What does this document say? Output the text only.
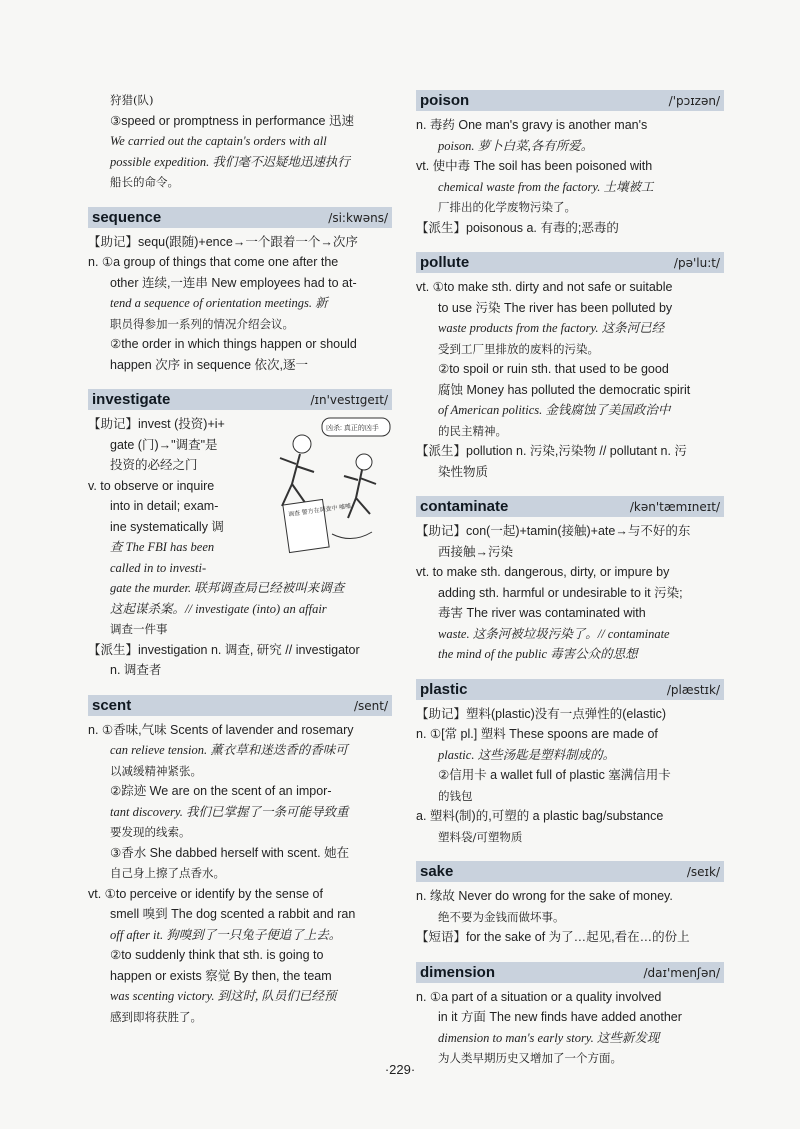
狩猎(队)

③speed or promptness in performance 迅速

We carried out the captain's orders with all

possible expedition. 我们毫不迟疑地迅速执行

船长的命令。

sequence	/si:kwəns/

【助记】sequ(跟随)+ence→一个跟着一个→次序

n. ①a group of things that come one after the

other 连续,一连串 New employees had to at-

tend a sequence of orientation meetings. 新

职员得参加一系列的情况介绍会议。

②the order in which things happen or should

happen 次序 in sequence 依次,逐一

investigate	/ɪn'vestɪgeɪt/

【助记】invest (投资)+i+

gate (门)→"调查"是

投资的必经之门

v. to observe or inquire

into in detail; exam-

ine systematically 调

查 The FBI has been

called in to investi-

凶杀: 真正的凶手
调查 警方在调查中 嘘嘘

gate the murder. 联邦调查局已经被叫来调查

这起谋杀案。// investigate (into) an affair

调查一件事

【派生】investigation n. 调查, 研究 // investigator

n. 调查者

scent	/sent/

n. ①香味,气味 Scents of lavender and rosemary

can relieve tension. 薰衣草和迷迭香的香味可

以减缓精神紧张。

②踪迹 We are on the scent of an impor-

tant discovery. 我们已掌握了一条可能导致重

要发现的线索。

③香水 She dabbed herself with scent. 她在

自己身上擦了点香水。

vt. ①to perceive or identify by the sense of

smell 嗅到 The dog scented a rabbit and ran

off after it. 狗嗅到了一只兔子便追了上去。

②to suddenly think that sth. is going to

happen or exists 察觉 By then, the team

was scenting victory. 到这时, 队员们已经预

感到即将获胜了。

poison	/'pɔɪzən/

n. 毒药 One man's gravy is another man's

poison. 萝卜白菜,各有所爱。

vt. 使中毒 The soil has been poisoned with

chemical waste from the factory. 土壤被工

厂排出的化学废物污染了。

【派生】poisonous a. 有毒的;恶毒的

pollute	/pə'lu:t/

vt. ①to make sth. dirty and not safe or suitable

to use 污染 The river has been polluted by

waste products from the factory. 这条河已经

受到工厂里排放的废料的污染。

②to spoil or ruin sth. that used to be good

腐蚀 Money has polluted the democratic spirit

of American politics. 金钱腐蚀了美国政治中

的民主精神。

【派生】pollution n. 污染,污染物 // pollutant n. 污

染性物质

contaminate	/kən'tæmɪneɪt/

【助记】con(一起)+tamin(接触)+ate→与不好的东

西接触→污染

vt. to make sth. dangerous, dirty, or impure by

adding sth. harmful or undesirable to it 污染;

毒害 The river was contaminated with

waste. 这条河被垃圾污染了。// contaminate

the mind of the public 毒害公众的思想

plastic	/plæstɪk/

【助记】塑料(plastic)没有一点弹性的(elastic)

n. ①[常 pl.] 塑料 These spoons are made of

plastic. 这些汤匙是塑料制成的。

②信用卡 a wallet full of plastic 塞满信用卡

的钱包

a. 塑料(制)的,可塑的 a plastic bag/substance

塑料袋/可塑物质

sake	/seɪk/

n. 缘故 Never do wrong for the sake of money.

绝不要为金钱而做坏事。

【短语】for the sake of 为了…起见,看在…的份上

dimension	/daɪ'menʃən/

n. ①a part of a situation or a quality involved

in it 方面 The new finds have added another

dimension to man's early story. 这些新发现

为人类早期历史又增加了一个方面。

·229·
